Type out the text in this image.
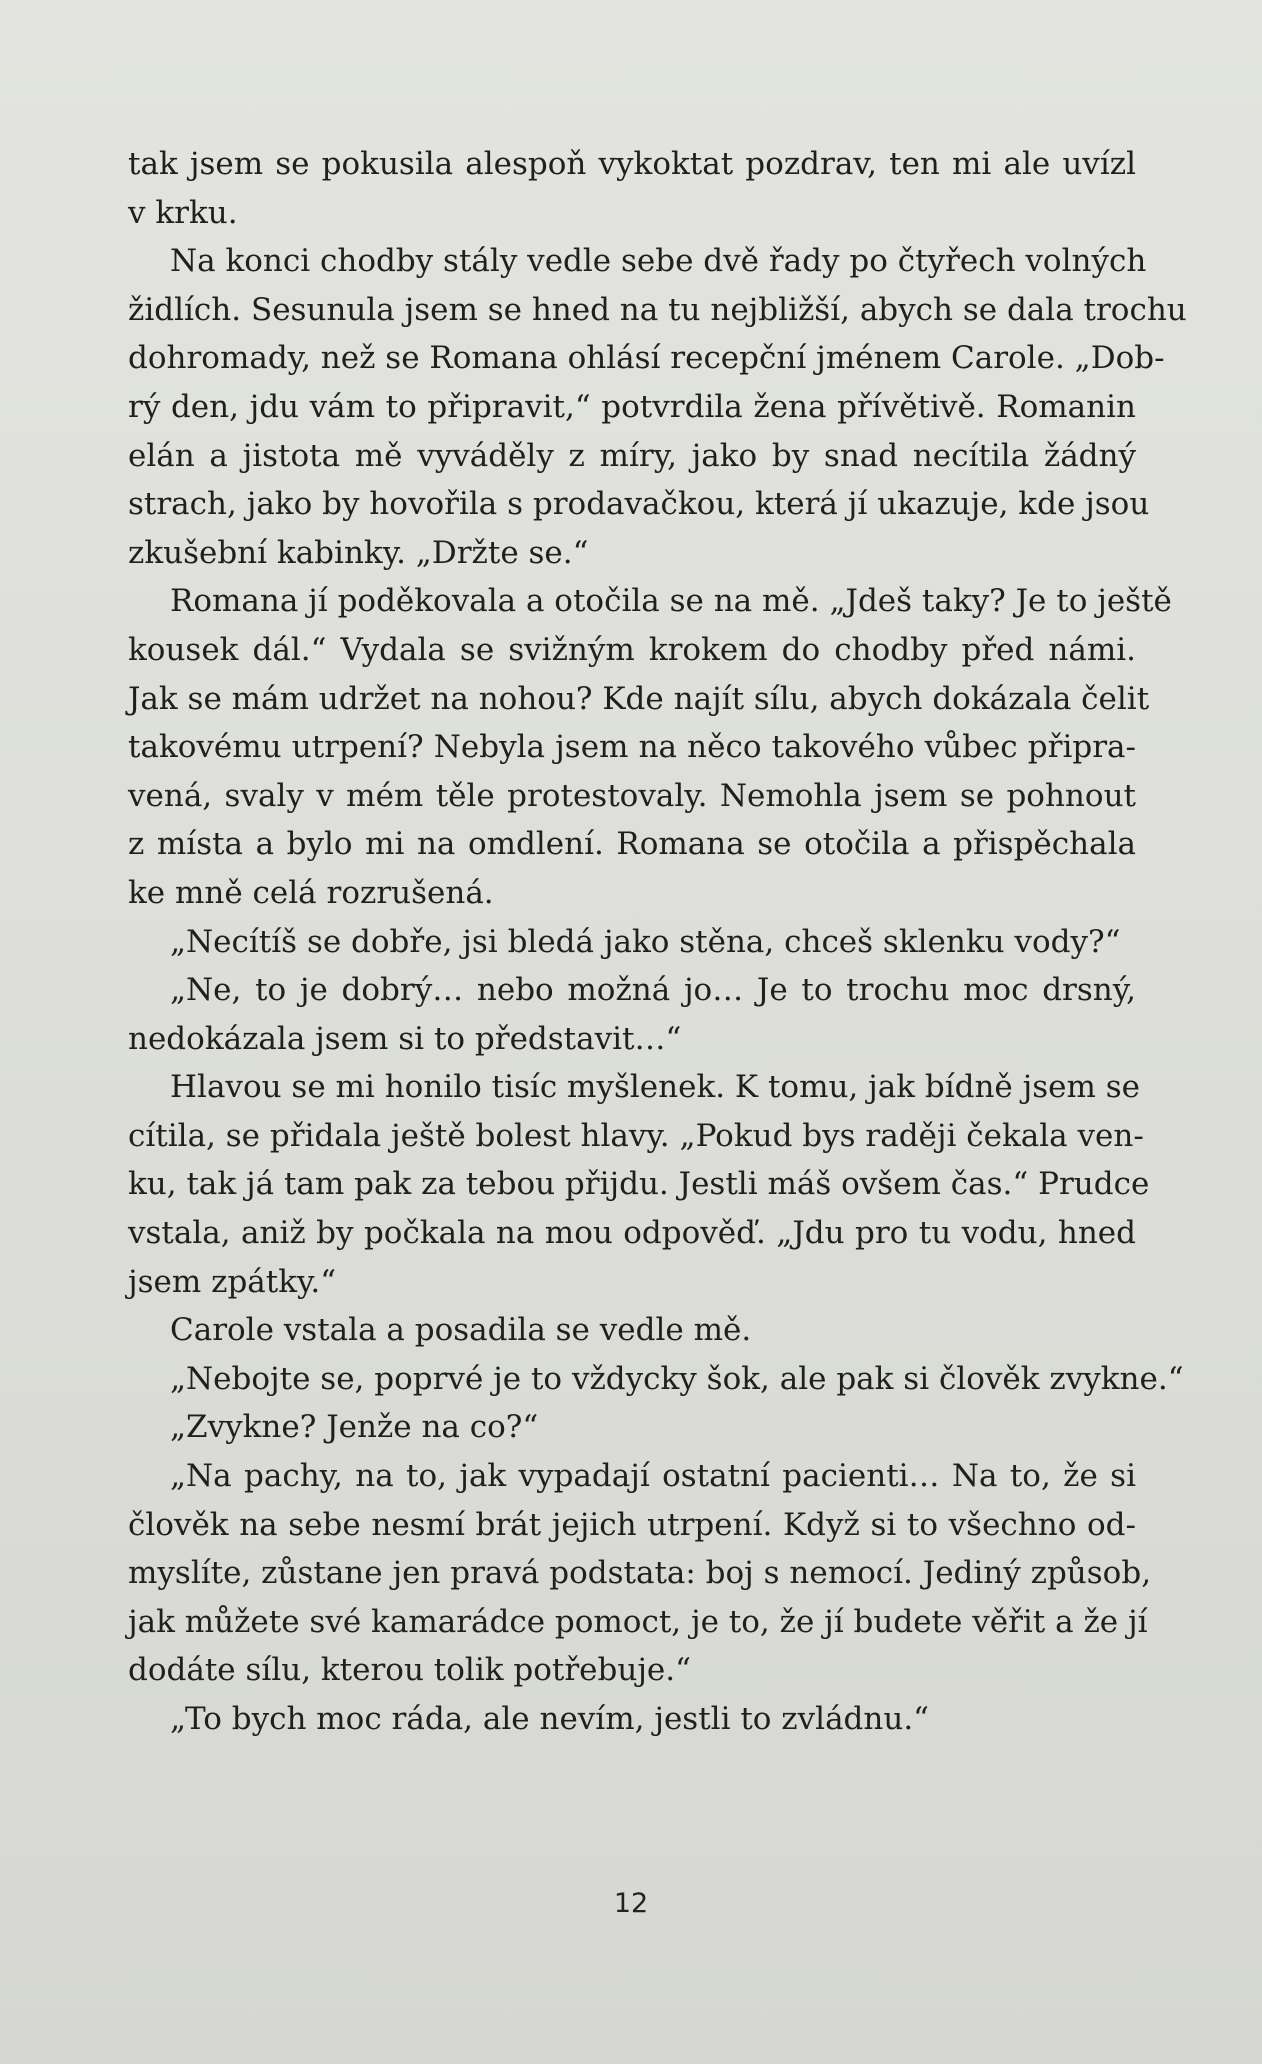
tak jsem se pokusila alespoň vykoktat pozdrav, ten mi ale uvízl
v krku.
Na konci chodby stály vedle sebe dvě řady po čtyřech volných
židlích. Sesunula jsem se hned na tu nejbližší, abych se dala trochu
dohromady, než se Romana ohlásí recepční jménem Carole. „Dob-
rý den, jdu vám to připravit,“ potvrdila žena přívětivě. Romanin
elán a jistota mě vyváděly z míry, jako by snad necítila žádný
strach, jako by hovořila s prodavačkou, která jí ukazuje, kde jsou
zkušební kabinky. „Držte se.“
Romana jí poděkovala a otočila se na mě. „Jdeš taky? Je to ještě
kousek dál.“ Vydala se svižným krokem do chodby před námi.
Jak se mám udržet na nohou? Kde najít sílu, abych dokázala čelit
takovému utrpení? Nebyla jsem na něco takového vůbec připra-
vená, svaly v mém těle protestovaly. Nemohla jsem se pohnout
z místa a bylo mi na omdlení. Romana se otočila a přispěchala
ke mně celá rozrušená.
„Necítíš se dobře, jsi bledá jako stěna, chceš sklenku vody?“
„Ne, to je dobrý… nebo možná jo… Je to trochu moc drsný,
nedokázala jsem si to představit…“
Hlavou se mi honilo tisíc myšlenek. K tomu, jak bídně jsem se
cítila, se přidala ještě bolest hlavy. „Pokud bys raději čekala ven-
ku, tak já tam pak za tebou přijdu. Jestli máš ovšem čas.“ Prudce
vstala, aniž by počkala na mou odpověď. „Jdu pro tu vodu, hned
jsem zpátky.“
Carole vstala a posadila se vedle mě.
„Nebojte se, poprvé je to vždycky šok, ale pak si člověk zvykne.“
„Zvykne? Jenže na co?“
„Na pachy, na to, jak vypadají ostatní pacienti… Na to, že si
člověk na sebe nesmí brát jejich utrpení. Když si to všechno od-
myslíte, zůstane jen pravá podstata: boj s nemocí. Jediný způsob,
jak můžete své kamarádce pomoct, je to, že jí budete věřit a že jí
dodáte sílu, kterou tolik potřebuje.“
„To bych moc ráda, ale nevím, jestli to zvládnu.“
12
